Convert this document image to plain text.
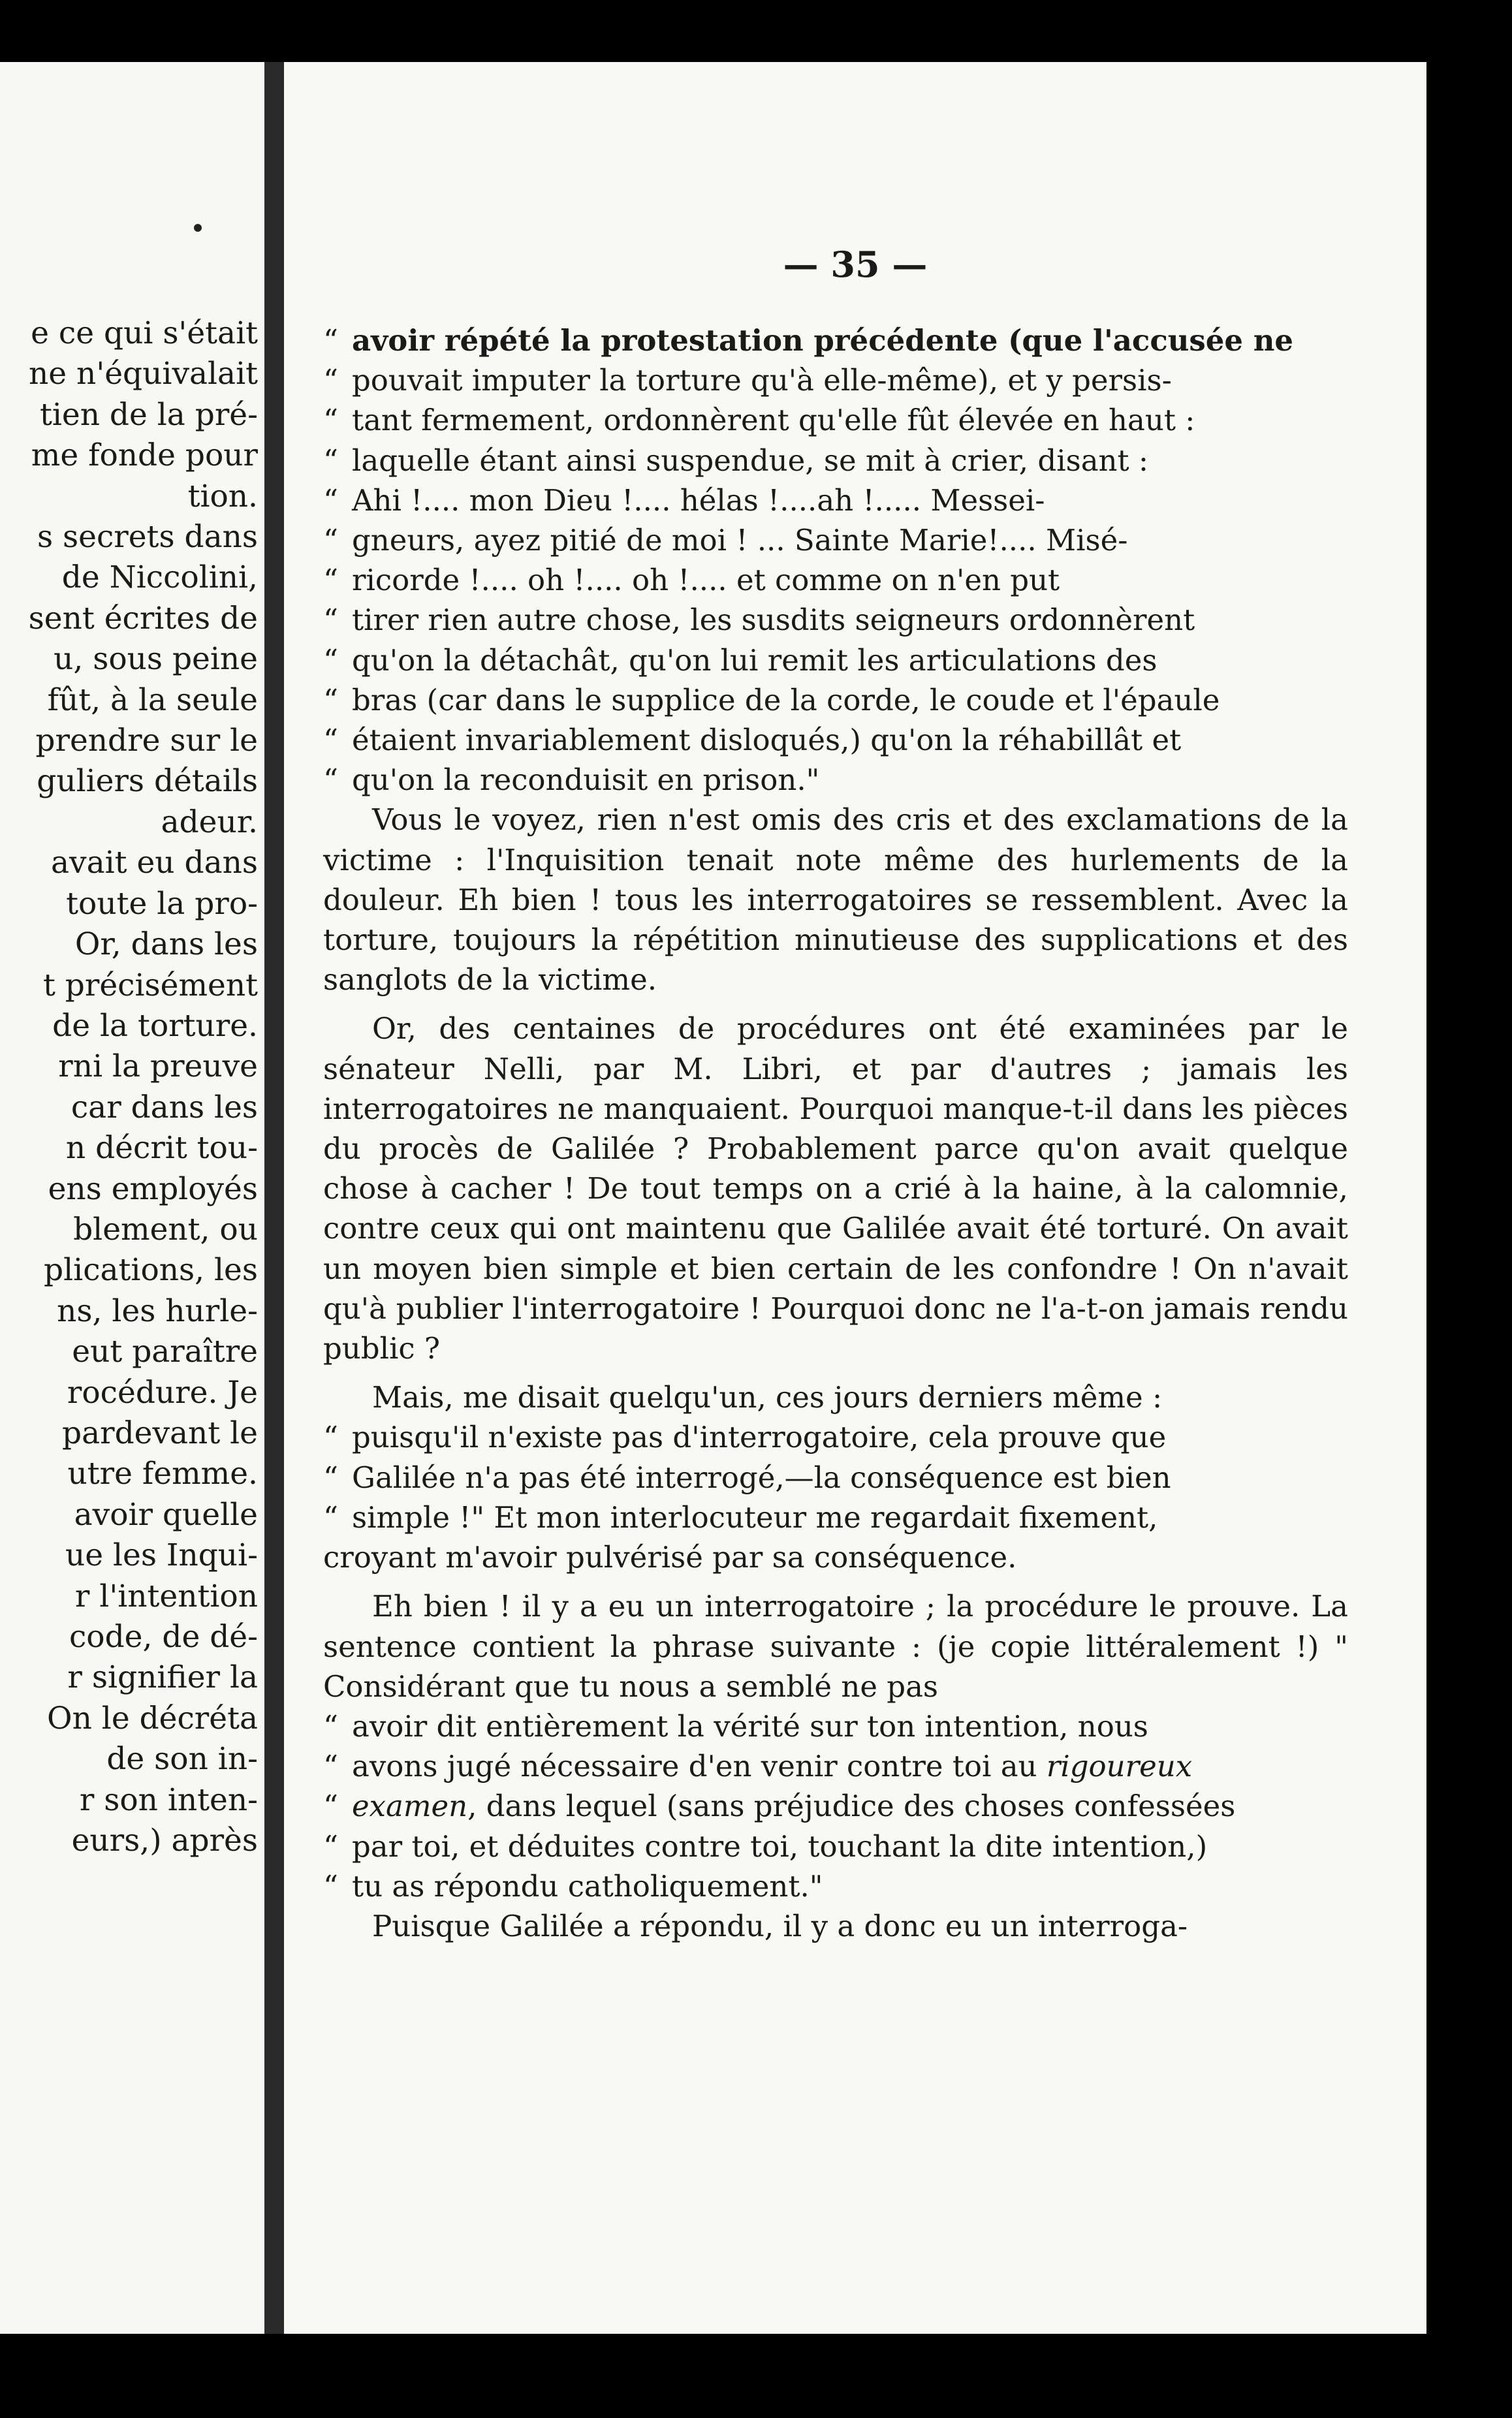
e ce qui s'était
ne n'équivalait
tien de la pré-
me fonde pour
tion.
s secrets dans
de Niccolini,
sent écrites de
u, sous peine
fût, à la seule
prendre sur le
guliers détails
adeur.
avait eu dans
toute la pro-
Or, dans les
t précisément
de la torture.
rni la preuve
car dans les
n décrit tou-
ens employés
blement, ou
plications, les
ns, les hurle-
eut paraître
rocédure. Je
pardevant le
utre femme.
avoir quelle
ue les Inqui-
r l'intention
code, de dé-
r signifier la
On le décréta
de son in-
r son inten-
eurs,) après
— 35 —

“ avoir répété la protestation précédente (que l'accusée ne

“ pouvait imputer la torture qu'à elle-même), et y persis-

“ tant fermement, ordonnèrent qu'elle fût élevée en haut :

“ laquelle étant ainsi suspendue, se mit à crier, disant :

“ Ahi !.... mon Dieu !.... hélas !....ah !..... Messei-

“ gneurs, ayez pitié de moi ! ... Sainte Marie!.... Misé-

“ ricorde !.... oh !.... oh !.... et comme on n'en put

“ tirer rien autre chose, les susdits seigneurs ordonnèrent

“ qu'on la détachât, qu'on lui remit les articulations des

“ bras (car dans le supplice de la corde, le coude et l'épaule

“ étaient invariablement disloqués,) qu'on la réhabillât et

“ qu'on la reconduisit en prison."

Vous le voyez, rien n'est omis des cris et des exclamations de la victime : l'Inquisition tenait note même des hurlements de la douleur. Eh bien ! tous les interrogatoires se ressemblent. Avec la torture, toujours la répétition minutieuse des supplications et des sanglots de la victime.

Or, des centaines de procédures ont été examinées par le sénateur Nelli, par M. Libri, et par d'autres ; jamais les interrogatoires ne manquaient. Pourquoi manque-t-il dans les pièces du procès de Galilée ? Probablement parce qu'on avait quelque chose à cacher ! De tout temps on a crié à la haine, à la calomnie, contre ceux qui ont maintenu que Galilée avait été torturé. On avait un moyen bien simple et bien certain de les confondre ! On n'avait qu'à publier l'interrogatoire ! Pourquoi donc ne l'a-t-on jamais rendu public ?

Mais, me disait quelqu'un, ces jours derniers même :

“ puisqu'il n'existe pas d'interrogatoire, cela prouve que

“ Galilée n'a pas été interrogé,—la conséquence est bien

“ simple !" Et mon interlocuteur me regardait fixement,

croyant m'avoir pulvérisé par sa conséquence.

Eh bien ! il y a eu un interrogatoire ; la procédure le prouve. La sentence contient la phrase suivante : (je copie littéralement !) " Considérant que tu nous a semblé ne pas

“ avoir dit entièrement la vérité sur ton intention, nous

“ avons jugé nécessaire d'en venir contre toi au rigoureux

“ examen, dans lequel (sans préjudice des choses confessées

“ par toi, et déduites contre toi, touchant la dite intention,)

“ tu as répondu catholiquement."

Puisque Galilée a répondu, il y a donc eu un interroga-
